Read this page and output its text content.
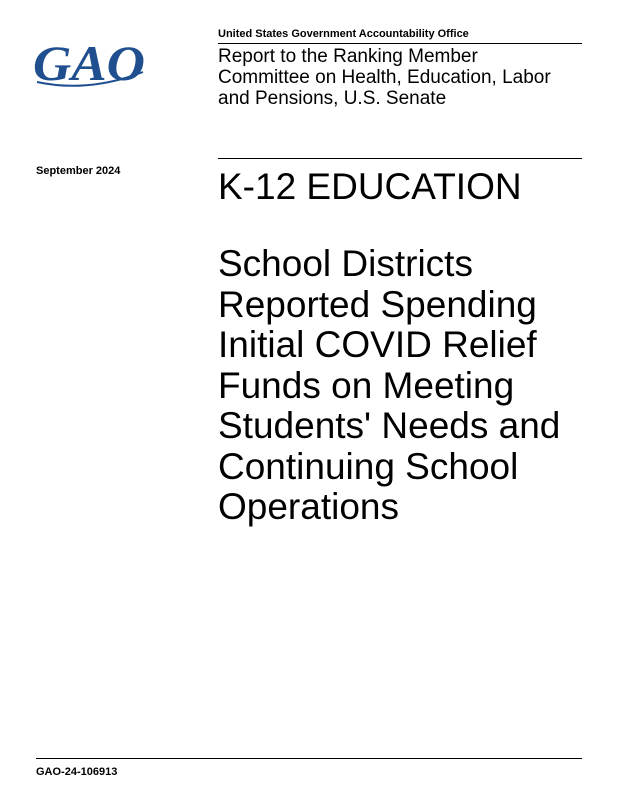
GAO
United States Government Accountability Office
Report to the Ranking Member
Committee on Health, Education, Labor
and Pensions, U.S. Senate
September 2024	K-12 EDUCATION
School Districts
Reported Spending
Initial COVID Relief
Funds on Meeting
Students' Needs and
Continuing School
Operations
GAO-24-106913
